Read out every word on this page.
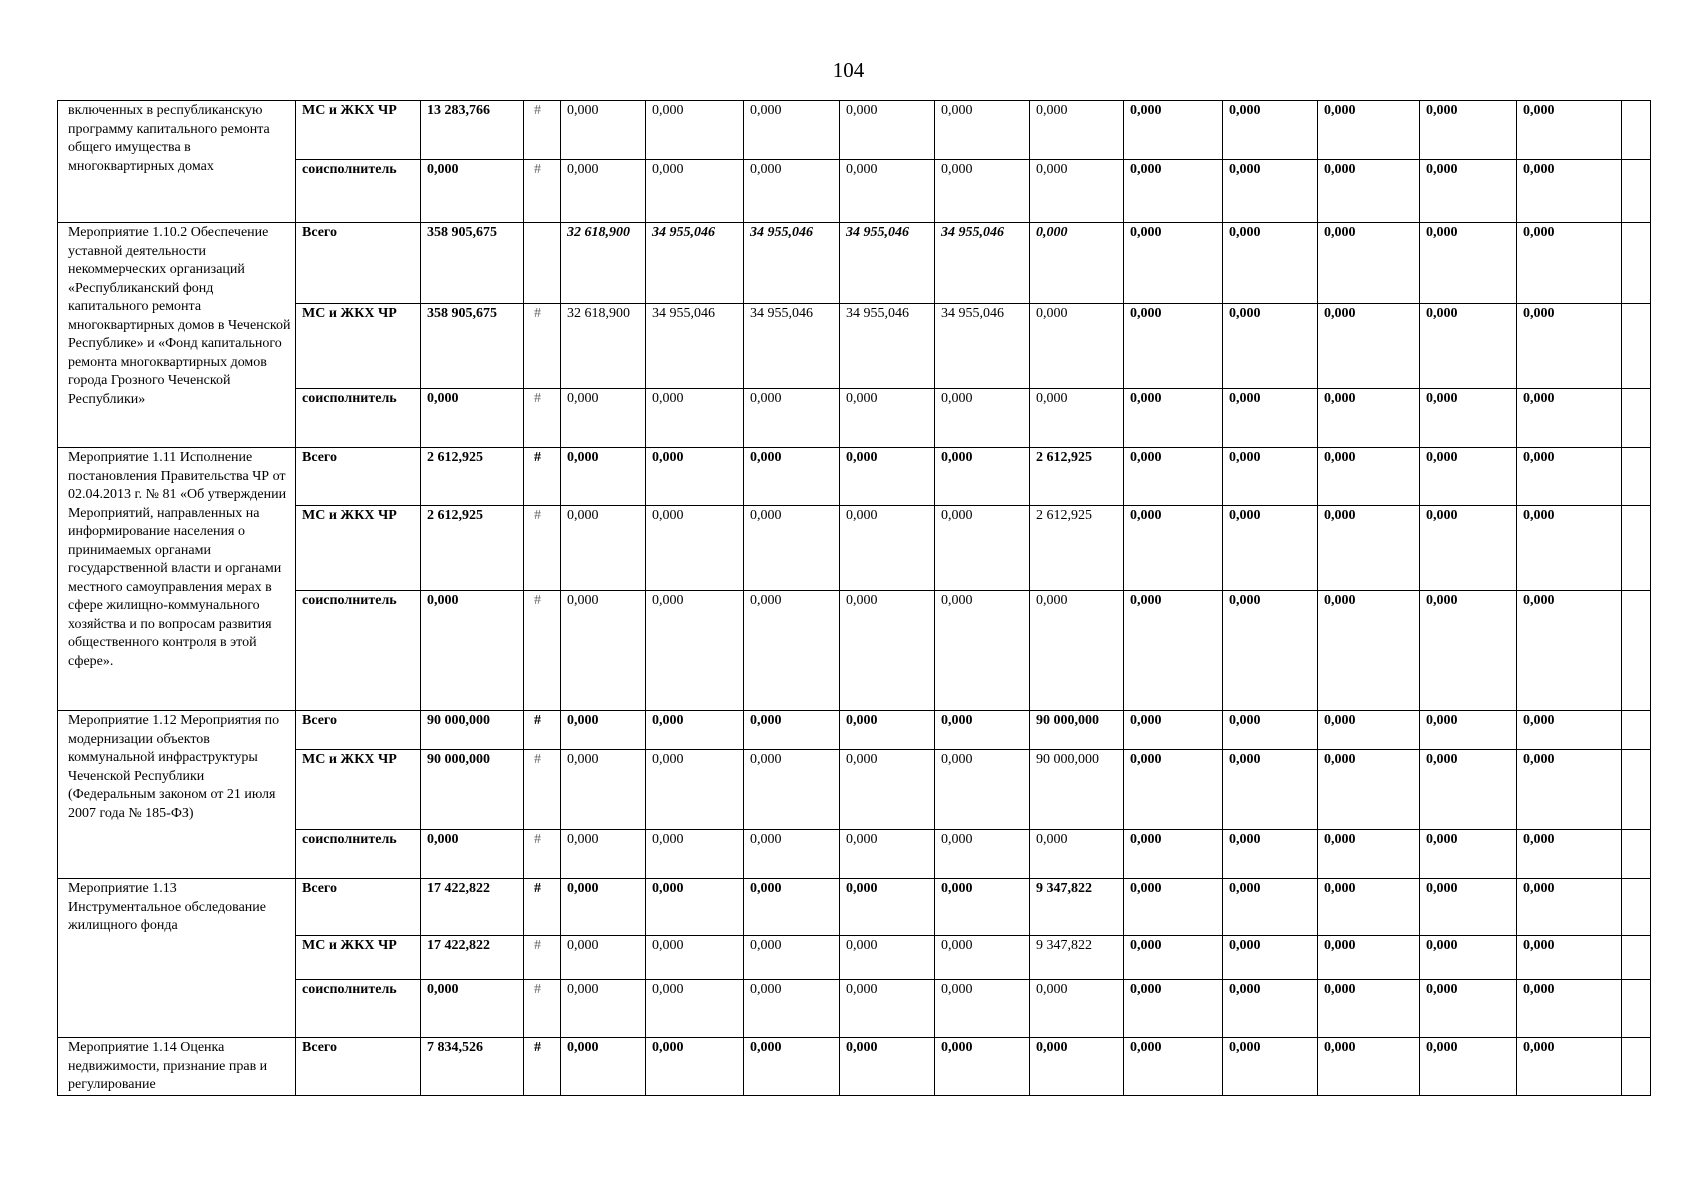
104
включенных в республиканскую программу капитального ремонта общего имущества в многоквартирных домах	МС и ЖКХ ЧР	13 283,766	#	0,000	0,000	0,000	0,000	0,000	0,000	0,000	0,000	0,000	0,000	0,000	
	соисполнитель	0,000	#	0,000	0,000	0,000	0,000	0,000	0,000	0,000	0,000	0,000	0,000	0,000	
Мероприятие 1.10.2 Обеспечение уставной деятельности некоммерческих организаций «Республиканский фонд капитального ремонта многоквартирных домов в Чеченской Республике» и «Фонд капитального ремонта многоквартирных домов города Грозного Чеченской Республики»	Всего	358 905,675		32 618,900	34 955,046	34 955,046	34 955,046	34 955,046	0,000	0,000	0,000	0,000	0,000	0,000	
	МС и ЖКХ ЧР	358 905,675	#	32 618,900	34 955,046	34 955,046	34 955,046	34 955,046	0,000	0,000	0,000	0,000	0,000	0,000	
	соисполнитель	0,000	#	0,000	0,000	0,000	0,000	0,000	0,000	0,000	0,000	0,000	0,000	0,000	
Мероприятие 1.11 Исполнение постановления Правительства ЧР от 02.04.2013 г. № 81 «Об утверждении Мероприятий, направленных на информирование населения о принимаемых органами государственной власти и органами местного самоуправления мерах в сфере жилищно-коммунального хозяйства и по вопросам развития общественного контроля в этой сфере».	Всего	2 612,925	#	0,000	0,000	0,000	0,000	0,000	2 612,925	0,000	0,000	0,000	0,000	0,000	
	МС и ЖКХ ЧР	2 612,925	#	0,000	0,000	0,000	0,000	0,000	2 612,925	0,000	0,000	0,000	0,000	0,000	
	соисполнитель	0,000	#	0,000	0,000	0,000	0,000	0,000	0,000	0,000	0,000	0,000	0,000	0,000	
Мероприятие 1.12 Мероприятия по модернизации объектов коммунальной инфраструктуры Чеченской Республики (Федеральным законом от 21 июля 2007 года № 185-ФЗ)	Всего	90 000,000	#	0,000	0,000	0,000	0,000	0,000	90 000,000	0,000	0,000	0,000	0,000	0,000	
	МС и ЖКХ ЧР	90 000,000	#	0,000	0,000	0,000	0,000	0,000	90 000,000	0,000	0,000	0,000	0,000	0,000	
	соисполнитель	0,000	#	0,000	0,000	0,000	0,000	0,000	0,000	0,000	0,000	0,000	0,000	0,000	
Мероприятие 1.13 Инструментальное обследование жилищного фонда	Всего	17 422,822	#	0,000	0,000	0,000	0,000	0,000	9 347,822	0,000	0,000	0,000	0,000	0,000	
	МС и ЖКХ ЧР	17 422,822	#	0,000	0,000	0,000	0,000	0,000	9 347,822	0,000	0,000	0,000	0,000	0,000	
	соисполнитель	0,000	#	0,000	0,000	0,000	0,000	0,000	0,000	0,000	0,000	0,000	0,000	0,000	
Мероприятие 1.14 Оценка недвижимости, признание прав и регулирование	Всего	7 834,526	#	0,000	0,000	0,000	0,000	0,000	0,000	0,000	0,000	0,000	0,000	0,000	
